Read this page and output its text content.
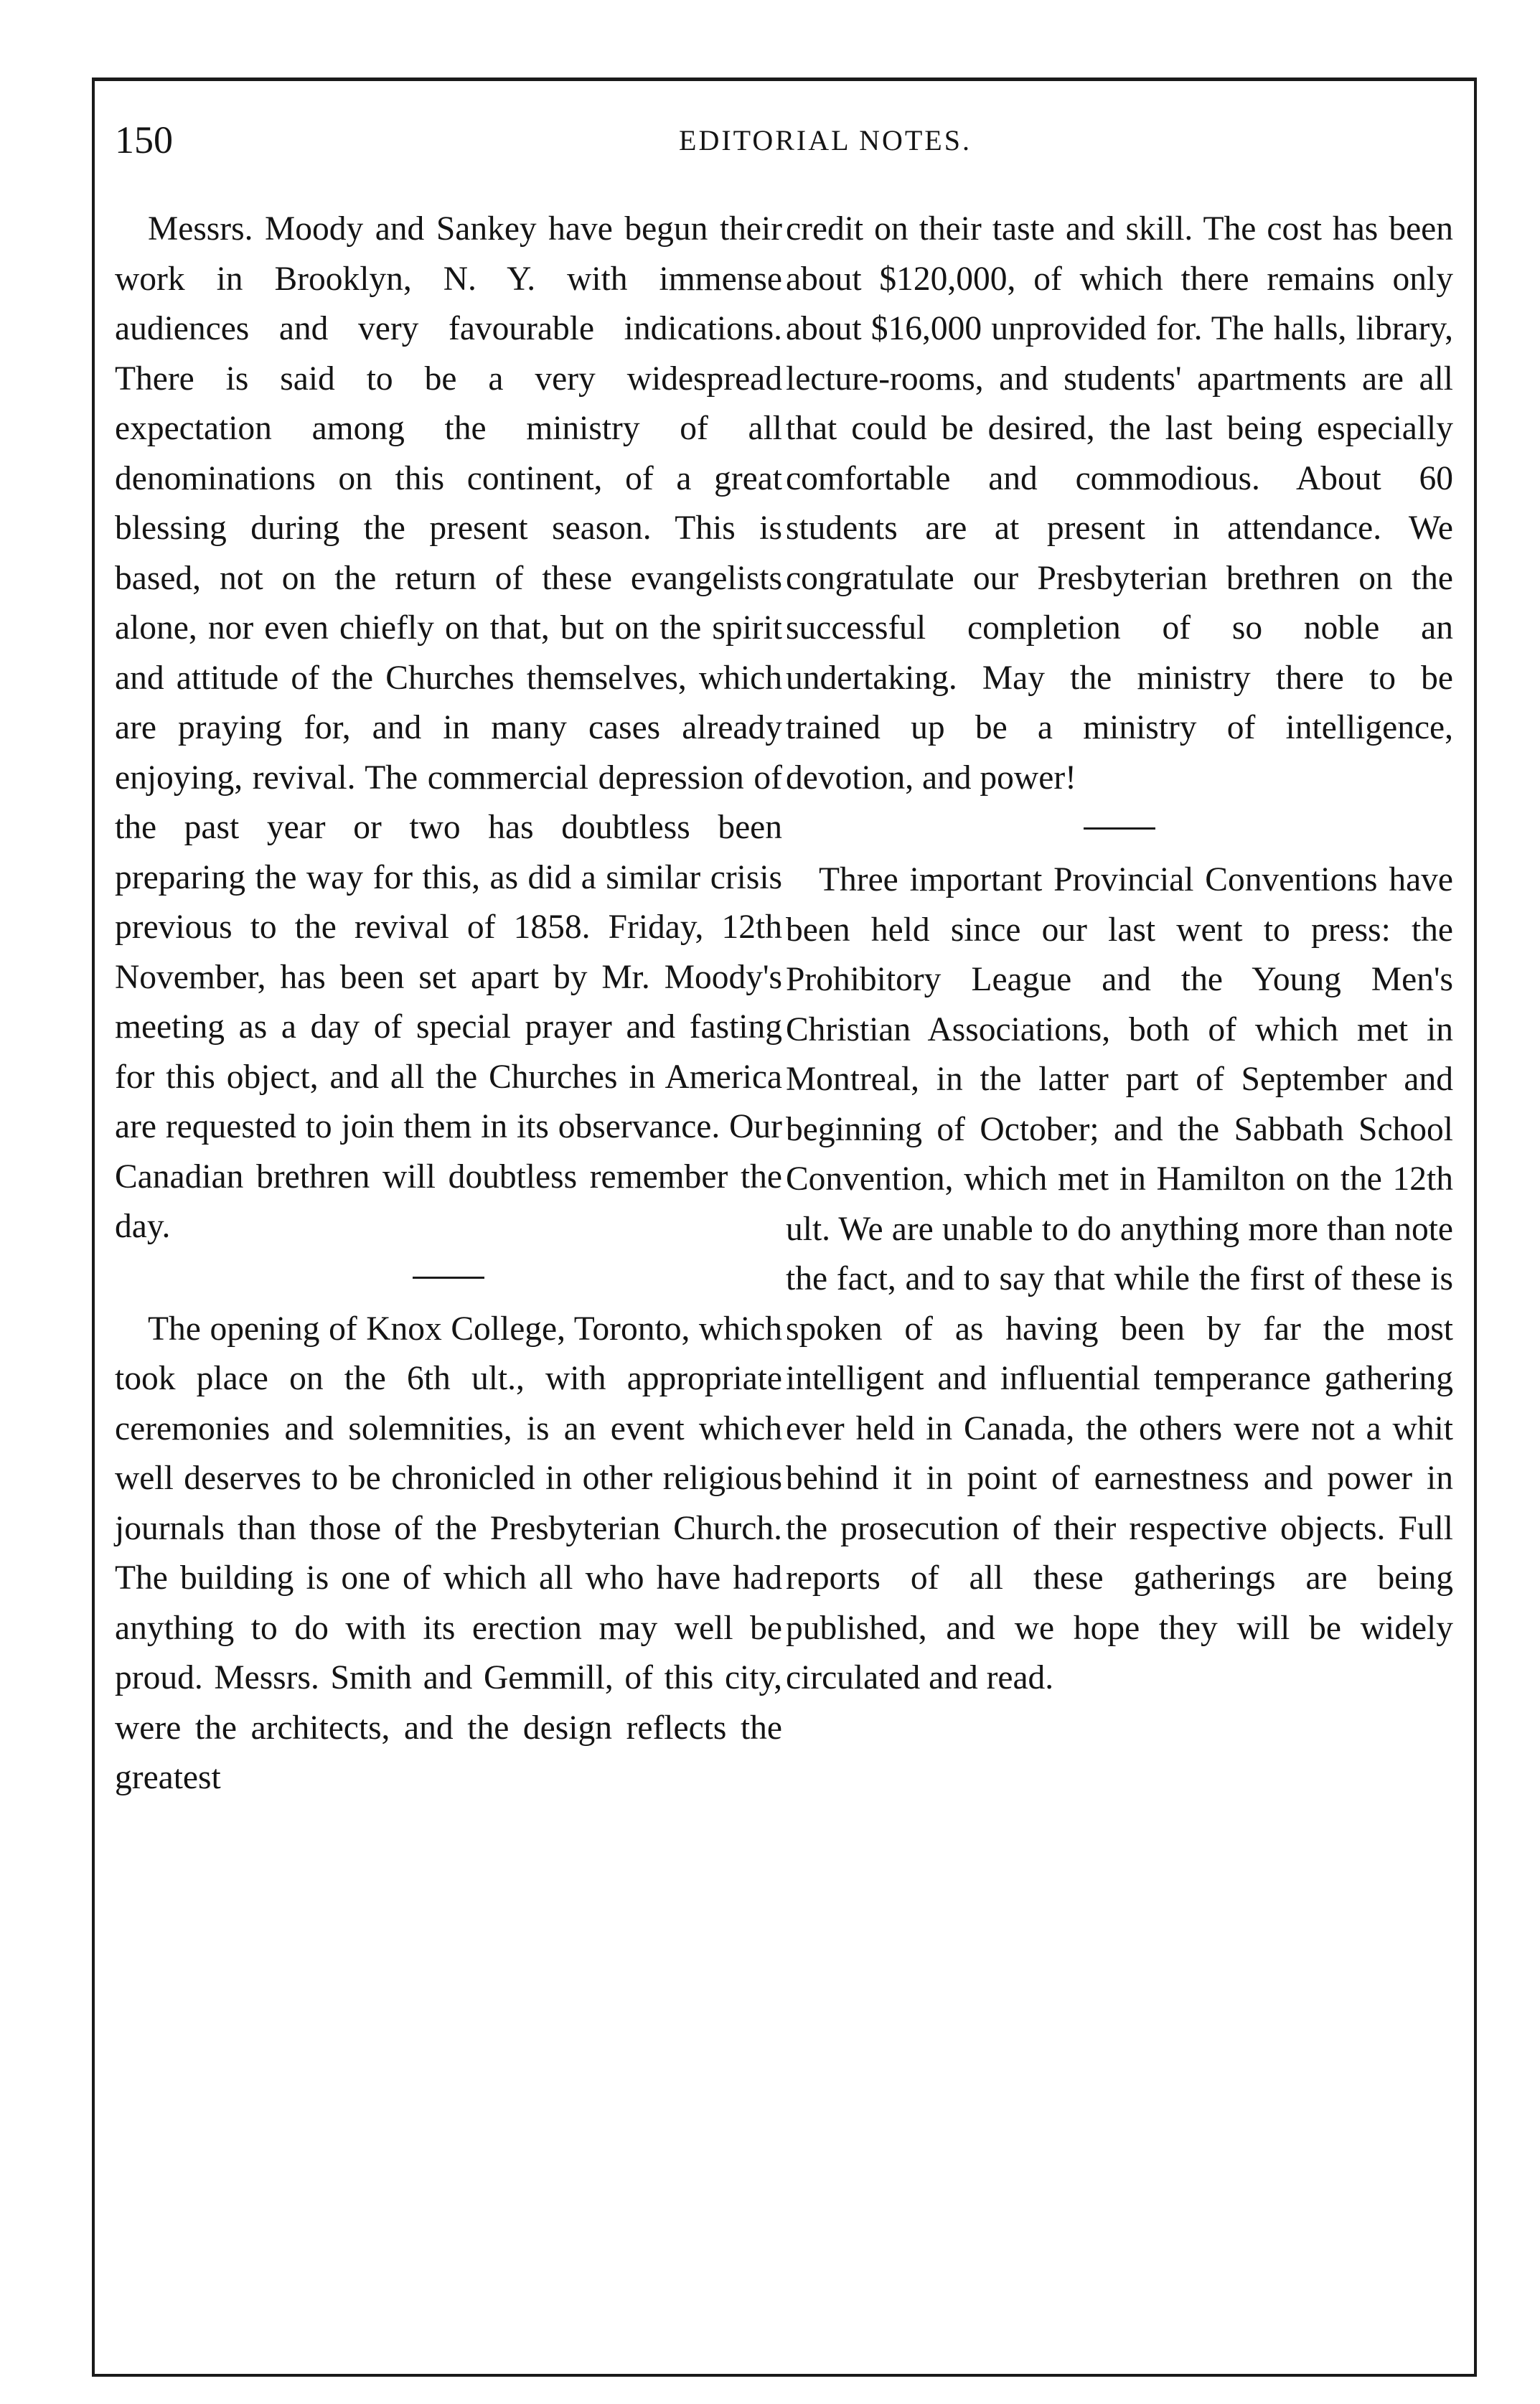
150	EDITORIAL NOTES.

Messrs. Moody and Sankey have begun their work in Brooklyn, N. Y. with immense audiences and very favourable indications. There is said to be a very widespread expectation among the ministry of all denominations on this continent, of a great blessing during the present season. This is based, not on the return of these evangelists alone, nor even chiefly on that, but on the spirit and attitude of the Churches themselves, which are praying for, and in many cases already enjoying, revival. The commercial depression of the past year or two has doubtless been preparing the way for this, as did a similar crisis previous to the revival of 1858. Friday, 12th November, has been set apart by Mr. Moody's meeting as a day of special prayer and fasting for this object, and all the Churches in America are requested to join them in its observance. Our Canadian brethren will doubtless remember the day.

The opening of Knox College, Toronto, which took place on the 6th ult., with appropriate ceremonies and solemnities, is an event which well deserves to be chronicled in other religious journals than those of the Presbyterian Church. The building is one of which all who have had anything to do with its erection may well be proud. Messrs. Smith and Gemmill, of this city, were the architects, and the design reflects the greatest

credit on their taste and skill. The cost has been about $120,000, of which there remains only about $16,000 unprovided for. The halls, library, lecture-rooms, and students' apartments are all that could be desired, the last being especially comfortable and commodious. About 60 students are at present in attendance. We congratulate our Presbyterian brethren on the successful completion of so noble an undertaking. May the ministry there to be trained up be a ministry of intelligence, devotion, and power!

Three important Provincial Conventions have been held since our last went to press: the Prohibitory League and the Young Men's Christian Associations, both of which met in Montreal, in the latter part of September and beginning of October; and the Sabbath School Convention, which met in Hamilton on the 12th ult. We are unable to do anything more than note the fact, and to say that while the first of these is spoken of as having been by far the most intelligent and influential temperance gathering ever held in Canada, the others were not a whit behind it in point of earnestness and power in the prosecution of their respective objects. Full reports of all these gatherings are being published, and we hope they will be widely circulated and read.
